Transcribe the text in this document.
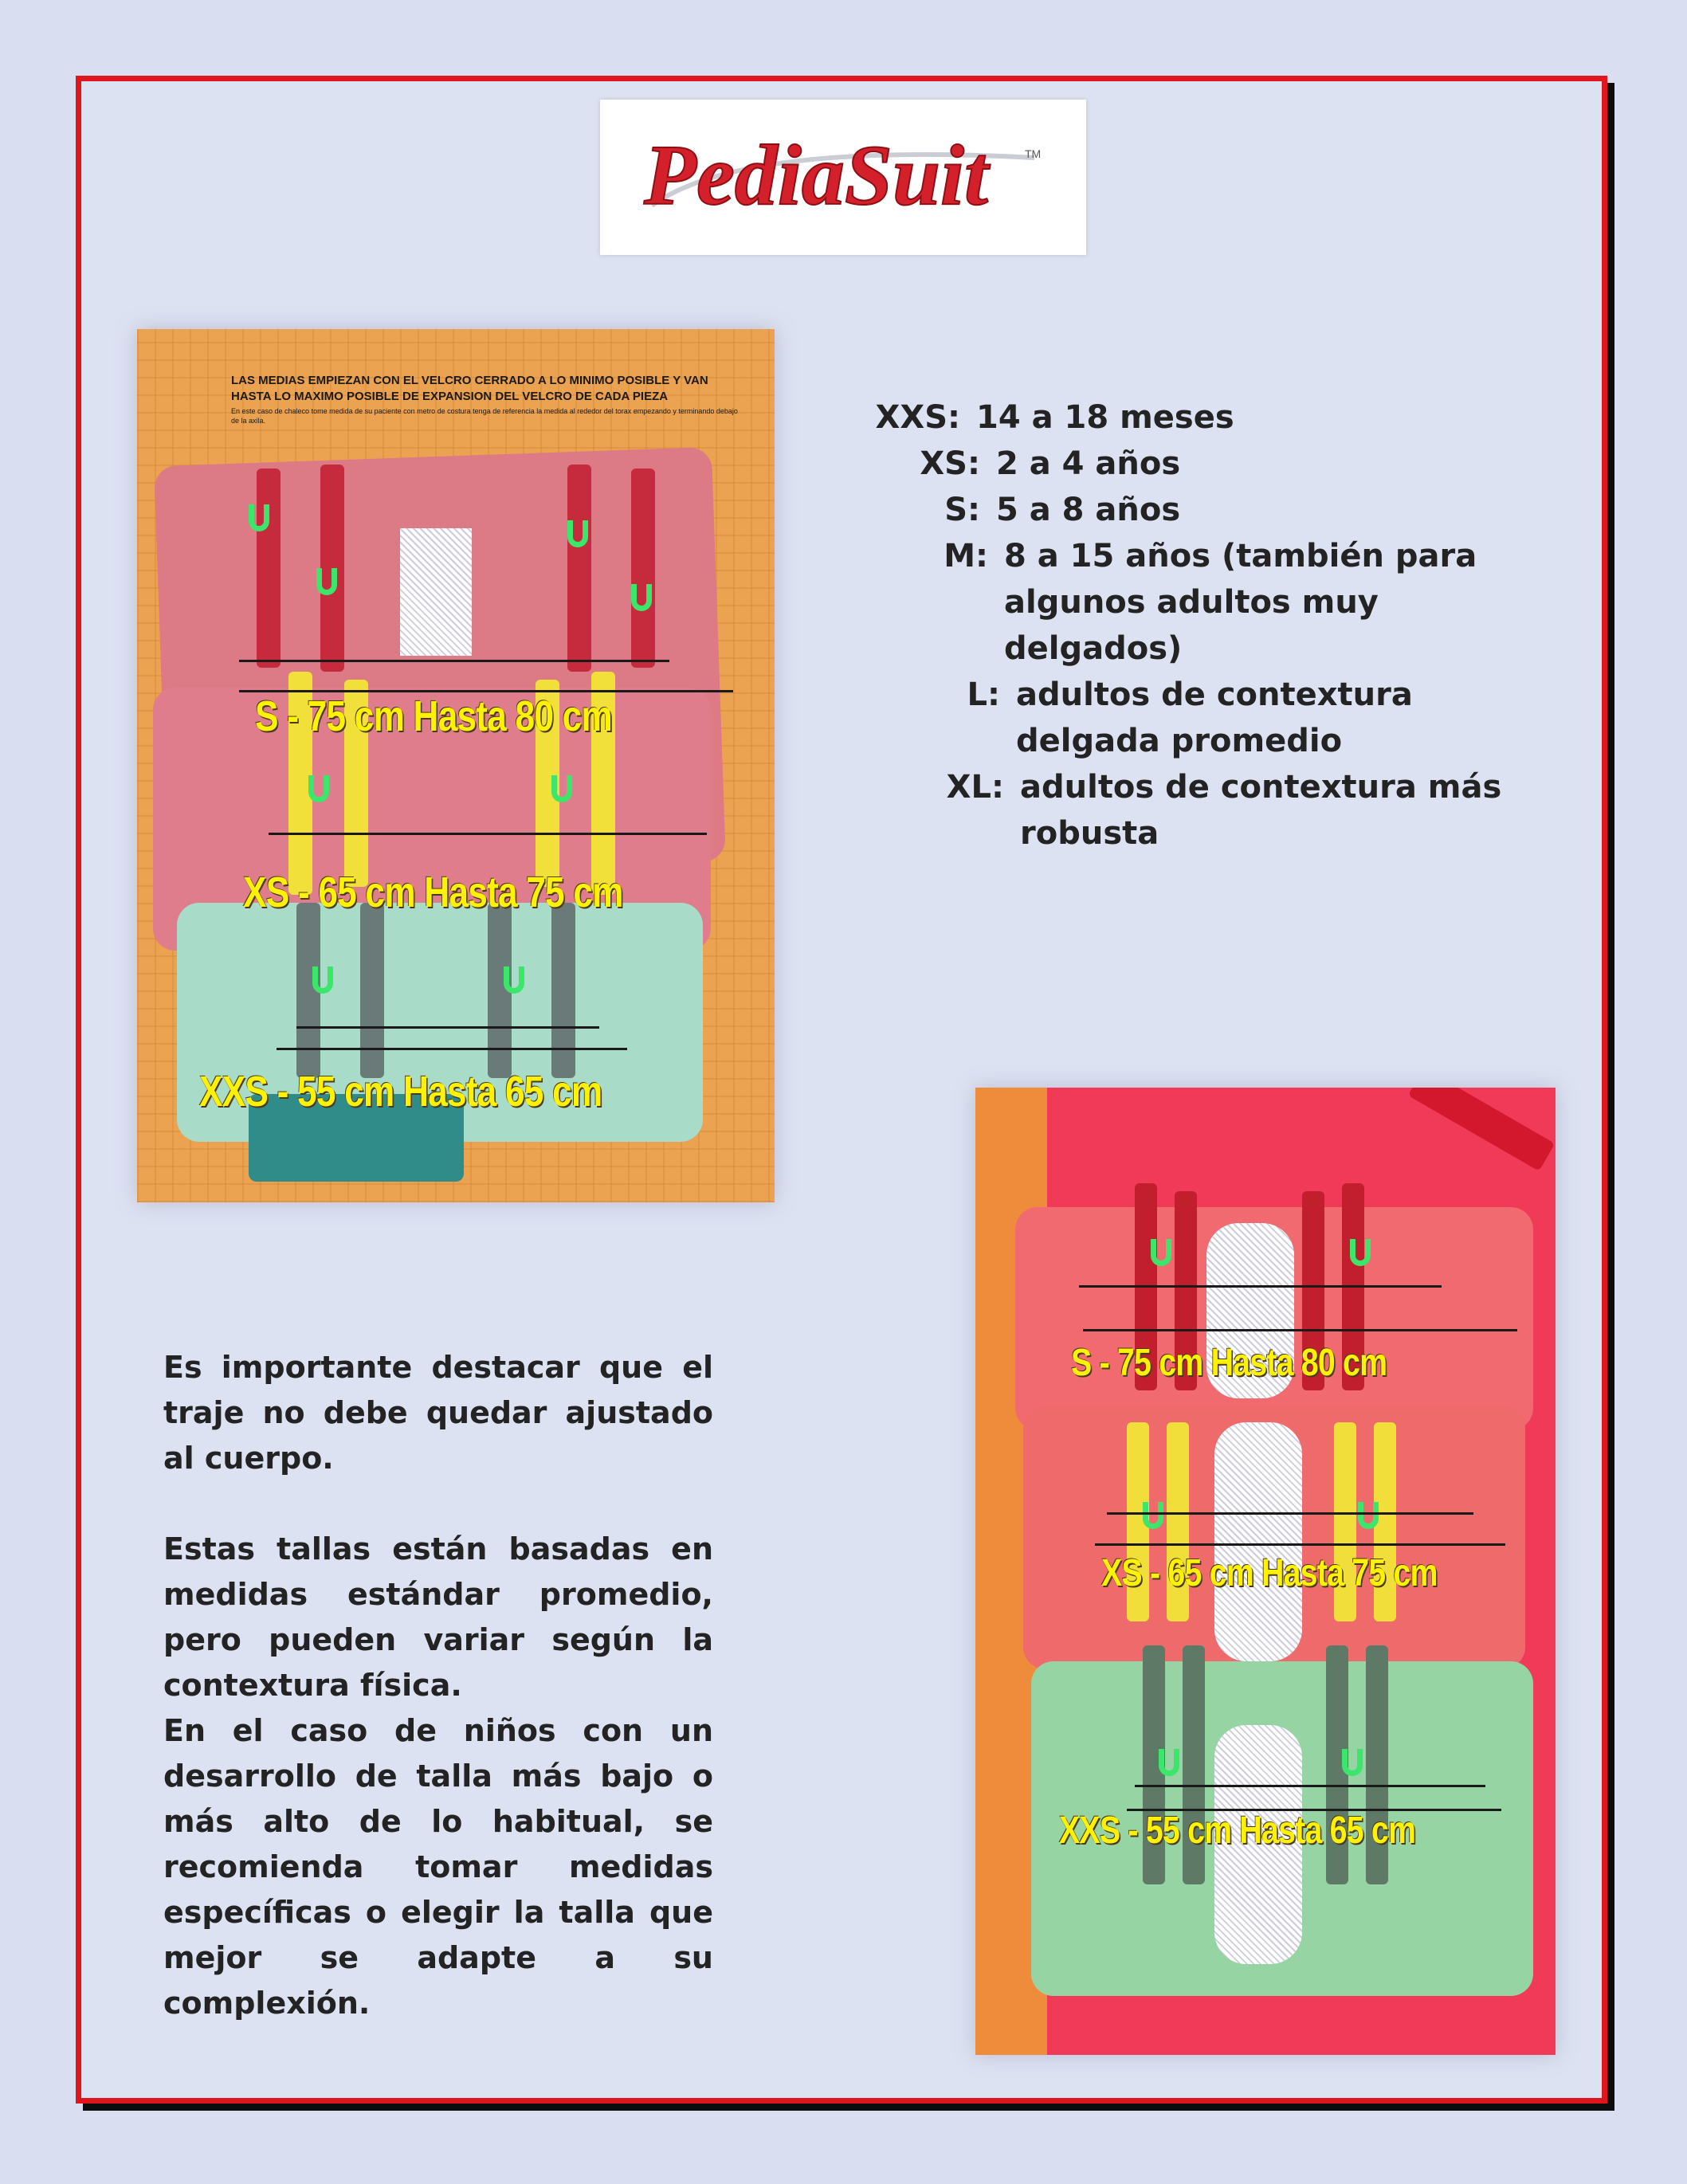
PediaSuit	TM
LAS MEDIAS EMPIEZAN CON EL VELCRO CERRADO A LO MINIMO POSIBLE Y VAN HASTA LO MAXIMO POSIBLE DE EXPANSION DEL VELCRO DE CADA PIEZA
En este caso de chaleco tome medida de su paciente con metro de costura tenga de referencia la medida al rededor del torax empezando y terminando debajo de la axila.
S - 75 cm Hasta 80 cm
XS - 65 cm Hasta 75 cm
XXS - 55 cm Hasta 65 cm
XXS: 14 a 18 meses
XS: 2 a 4 años
S: 5 a 8 años
M: 8 a 15 años (también para
algunos adultos muy
delgados)
L: adultos de contextura
delgada promedio
XL: adultos de contextura más
robusta

Es importante destacar que el traje no debe quedar ajustado al cuerpo.

Estas tallas están basadas en medidas estándar promedio, pero pueden variar según la contextura física.

En el caso de niños con un desarrollo de talla más bajo o más alto de lo habitual, se recomienda tomar medidas específicas o elegir la talla que mejor se adapte a su complexión.

S - 75 cm Hasta 80 cm
XS - 65 cm Hasta 75 cm
XXS - 55 cm Hasta 65 cm
